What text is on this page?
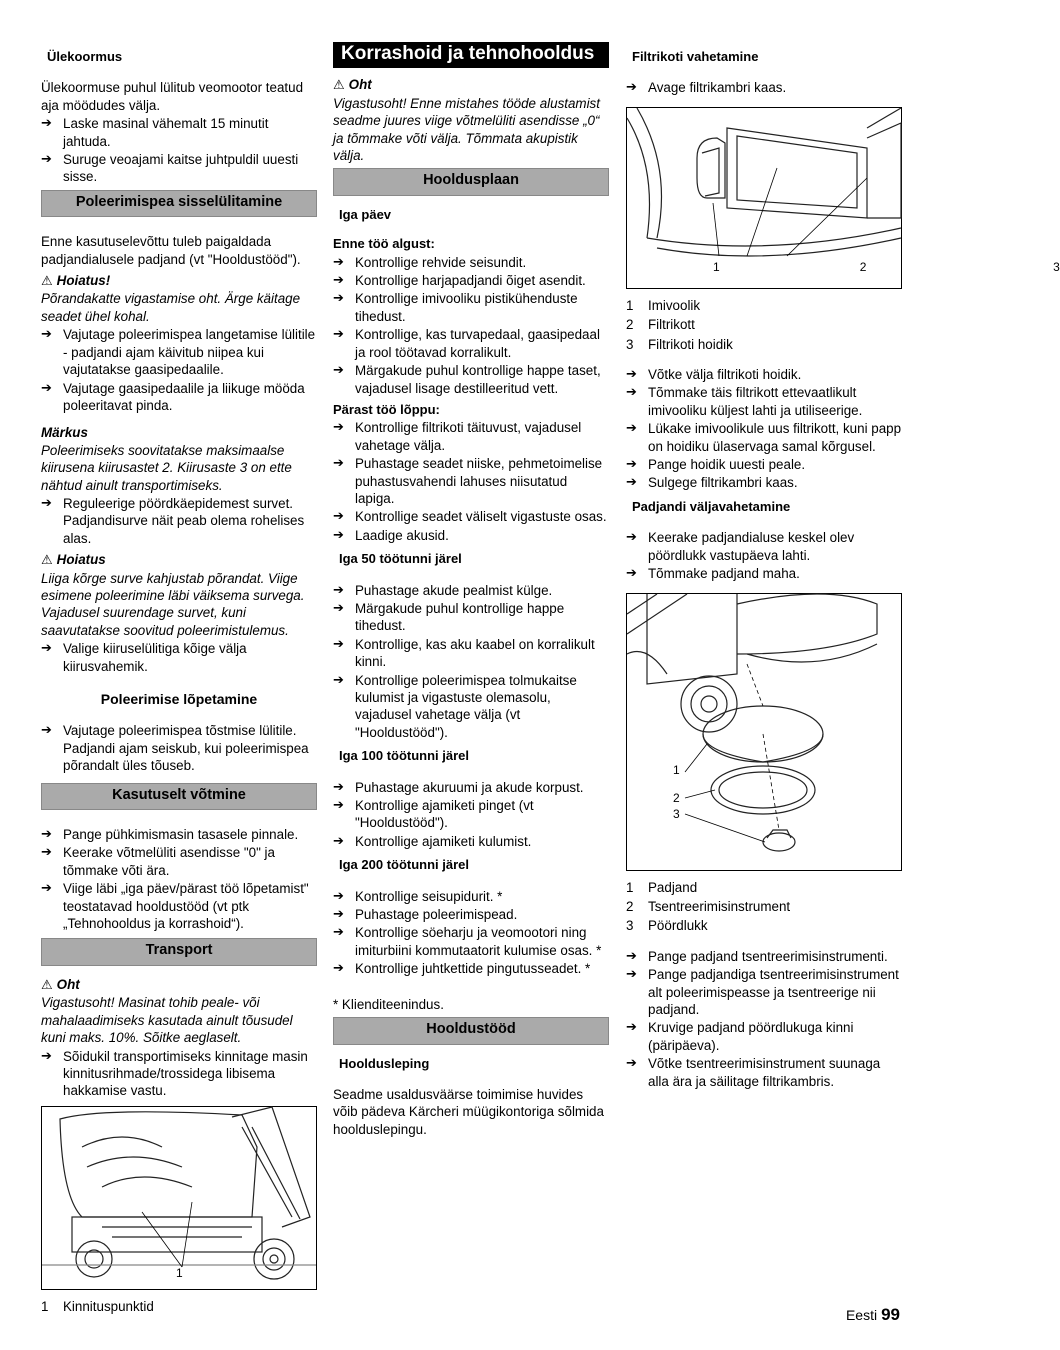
Ülekoormus

Ülekoormuse puhul lülitub veomootor teatud aja möödudes välja.

➔ Laske masinal vähemalt 15 minutit jahtuda.
➔ Suruge veoajami kaitse juhtpuldil uuesti sisse.
Poleerimispea sisselülitamine

Enne kasutuselevõttu tuleb paigaldada padjandialusele padjand (vt "Hooldustööd").

⚠ Hoiatus!

Põrandakatte vigastamise oht. Ärge käitage seadet ühel kohal.

➔ Vajutage poleerimispea langetamise lülitile - padjandi ajam käivitub niipea kui vajutatakse gaasipedaalile.
➔ Vajutage gaasipedaalile ja liikuge mööda poleeritavat pinda.
Märkus

Poleerimiseks soovitatakse maksimaalse kiirusena kiirusastet 2. Kiirusaste 3 on ette nähtud ainult transportimiseks.

➔ Reguleerige pöördkäepidemest survet. Padjandisurve näit peab olema rohelises alas.
⚠ Hoiatus

Liiga kõrge surve kahjustab põrandat. Viige esimene poleerimine läbi väiksema survega. Vajadusel suurendage survet, kuni saavutatakse soovitud poleerimistulemus.

➔ Valige kiiruselülitiga kõige välja kiirusvahemik.
Poleerimise lõpetamine
➔ Vajutage poleerimispea tõstmise lülitile. Padjandi ajam seiskub, kui poleerimispea põrandalt üles tõuseb.
Kasutuselt võtmine
➔ Pange pühkimismasin tasasele pinnale.
➔ Keerake võtmelüliti asendisse "0" ja tõmmake võti ära.
➔ Viige läbi „iga päev/pärast töö lõpetamist" teostatavad hooldustööd (vt ptk „Tehnohooldus ja korrashoid“).
Transport
⚠ Oht

Vigastusoht! Masinat tohib peale- või mahalaadimiseks kasutada ainult tõusudel kuni maks. 10%. Sõitke aeglaselt.

➔ Sõidukil transportimiseks kinnitage masin kinnitusrihmade/trossidega libisema hakkamise vastu.
1
1	Kinnituspunktid
Korrashoid ja tehnohooldus
⚠ Oht

Vigastusoht! Enne mistahes tööde alustamist seadme juures viige võtmelüliti asendisse „0“ ja tõmmake võti välja. Tõmmata akupistik välja.

Hooldusplaan
Iga päev
Enne töö algust:
➔ Kontrollige rehvide seisundit.
➔ Kontrollige harjapadjandi õiget asendit.
➔ Kontrollige imivooliku pistikühenduste tihedust.
➔ Kontrollige, kas turvapedaal, gaasipedaal ja rool töötavad korralikult.
➔ Märgakude puhul kontrollige happe taset, vajadusel lisage destilleeritud vett.
Pärast töö lõppu:
➔ Kontrollige filtrikoti täituvust, vajadusel vahetage välja.
➔ Puhastage seadet niiske, pehmetoimelise puhastusvahendi lahuses niisutatud lapiga.
➔ Kontrollige seadet väliselt vigastuste osas.
➔ Laadige akusid.
Iga 50 töötunni järel
➔ Puhastage akude pealmist külge.
➔ Märgakude puhul kontrollige happe tihedust.
➔ Kontrollige, kas aku kaabel on korralikult kinni.
➔ Kontrollige poleerimispea tolmukaitse kulumist ja vigastuste olemasolu, vajadusel vahetage välja (vt "Hooldustööd").
Iga 100 töötunni järel
➔ Puhastage akuruumi ja akude korpust.
➔ Kontrollige ajamiketi pinget (vt "Hooldustööd").
➔ Kontrollige ajamiketi kulumist.
Iga 200 töötunni järel
➔ Kontrollige seisupidurit. *
➔ Puhastage poleerimispead.
➔ Kontrollige söeharju ja veomootori ning imiturbiini kommutaatorit kulumise osas. *
➔ Kontrollige juhtkettide pingutusseadet. *

* Klienditeenindus.

Hooldustööd
Hooldusleping

Seadme usaldusväärse toimimise huvides võib pädeva Kärcheri müügikontoriga sõlmida hoolduslepingu.

Filtrikoti vahetamine
➔ Avage filtrikambri kaas.
1	2	3
1	Imivoolik
2	Filtrikott
3	Filtrikoti hoidik
➔ Võtke välja filtrikoti hoidik.
➔ Tõmmake täis filtrikott ettevaatlikult imivooliku küljest lahti ja utiliseerige.
➔ Lükake imivoolikule uus filtrikott, kuni papp on hoidiku ülaservaga samal kõrgusel.
➔ Pange hoidik uuesti peale.
➔ Sulgege filtrikambri kaas.
Padjandi väljavahetamine
➔ Keerake padjandialuse keskel olev pöördlukk vastupäeva lahti.
➔ Tõmmake padjand maha.
1
2
3
1	Padjand
2	Tsentreerimisinstrument
3	Pöördlukk
➔ Pange padjand tsentreerimisinstrumenti.
➔ Pange padjandiga tsentreerimisinstrument alt poleerimispeasse ja tsentreerige nii padjand.
➔ Kruvige padjand pöördlukuga kinni (päripäeva).
➔ Võtke tsentreerimisinstrument suunaga alla ära ja säilitage filtrikambris.
Eesti 99
